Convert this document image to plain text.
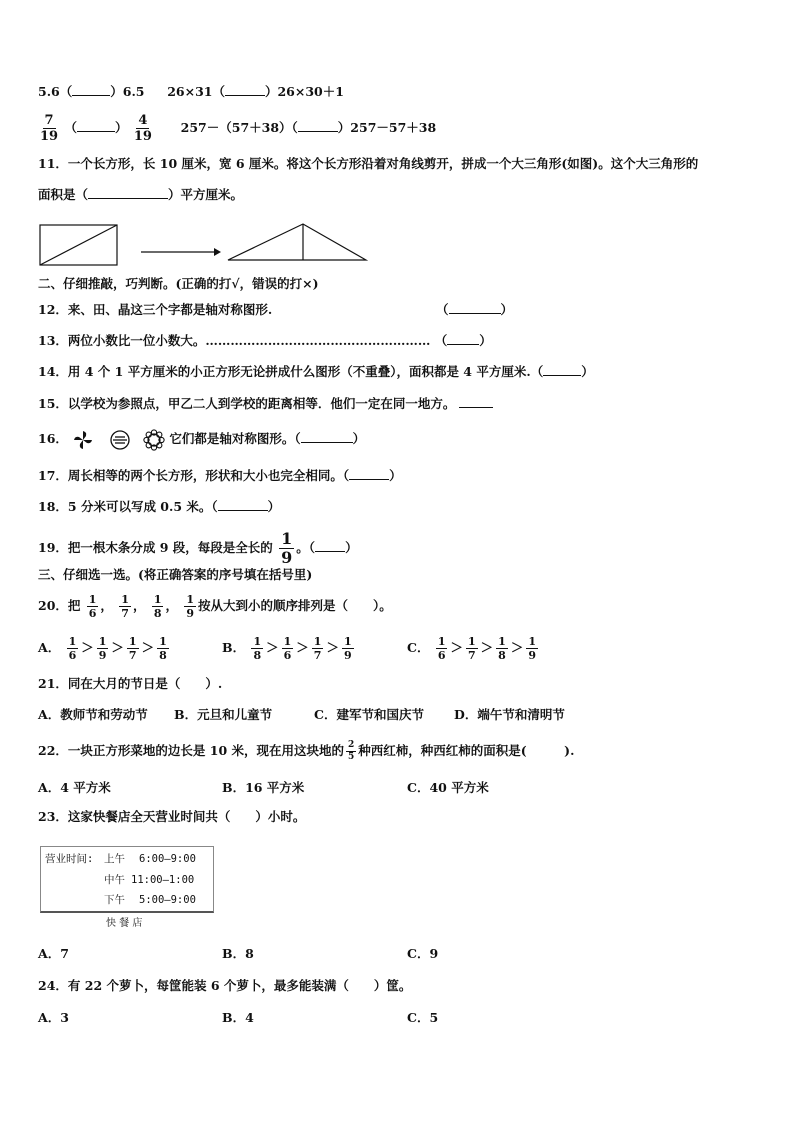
5.6（	）6.5 26×31（	）26×30＋1
$\frac{7}{19}$ （	） $\frac{4}{19} 257-(57+38)$（	）257－57＋38
11．一个长方形，长 10 厘米，宽 6 厘米。将这个长方形沿着对角线剪开，拼成一个大三角形(如图)。这个大三角形的
面积是（	）平方厘米。
二、仔细推敲，巧判断。(正确的打√，错误的打×)
12．来、田、晶这三个字都是轴对称图形.	（	）
13．两位小数比一位小数大。……………………………………………… （	）
14．用 4 个 1 平方厘米的小正方形无论拼成什么图形（不重叠），面积都是 4 平方厘米.（	）
15．以学校为参照点，甲乙二人到学校的距离相等．他们一定在同一地方。
16．	它们都是轴对称图形。（	）
17．周长相等的两个长方形，形状和大小也完全相同。（	）
18．5 分米可以写成 0.5 米。（	）
19．把一根木条分成 9 段，每段是全长的 $\frac{1}{9}$ 。（ ）
三、仔细选一选。(将正确答案的序号填在括号里)
20．把 $\frac{1}{6}$ ， $\frac{1}{7}$ ， $\frac{1}{8}$ ， $\frac{1}{9}$ 按从大到小的顺序排列是（　　）。
A． $\frac{1}{6} > \frac{1}{9} > \frac{1}{7} > \frac{1}{8}$	B． $\frac{1}{8} > \frac{1}{6} > \frac{1}{7} > \frac{1}{9}$	C． $\frac{1}{6} > \frac{1}{7} > \frac{1}{8} > \frac{1}{9}$
21．同在大月的节日是（　　）.
A．教师节和劳动节 B．元旦和儿童节	C．建军节和国庆节 D．端午节和清明节
22．一块正方形菜地的边长是 10 米，现在用这块地的 $\frac{2}{5}$ 种西红柿，种西红柿的面积是(　　　).
A．4 平方米	B．16 平方米	C．40 平方米
23．这家快餐店全天营业时间共（　　）小时。
营业时间: 上午 6:00—9:00
中午 11:00—1:00
下午 5:00—9:00
快 餐 店
A．7	B．8	C．9
24．有 22 个萝卜，每筐能装 6 个萝卜，最多能装满（　　）筐。
A．3	B．4	C．5
